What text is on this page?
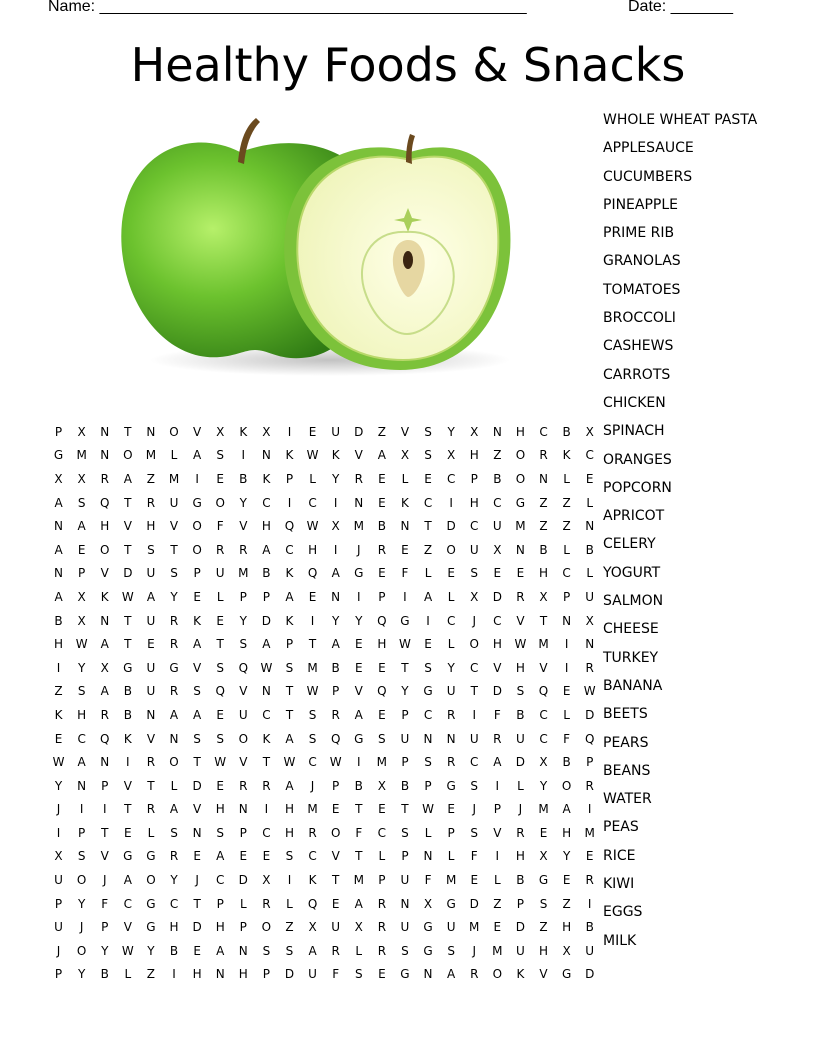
Name: ________________________________________________	Date: _______
Healthy Foods & Snacks
P	X	N	T	N	O	V	X	K	X	I	E	U	D	Z	V	S	Y	X	N	H	C	B	X
G	M	N	O	M	L	A	S	I	N	K	W	K	V	A	X	S	X	H	Z	O	R	K	C
X	X	R	A	Z	M	I	E	B	K	P	L	Y	R	E	L	E	C	P	B	O	N	L	E
A	S	Q	T	R	U	G	O	Y	C	I	C	I	N	E	K	C	I	H	C	G	Z	Z	L
N	A	H	V	H	V	O	F	V	H	Q	W	X	M	B	N	T	D	C	U	M	Z	Z	N
A	E	O	T	S	T	O	R	R	A	C	H	I	J	R	E	Z	O	U	X	N	B	L	B
N	P	V	D	U	S	P	U	M	B	K	Q	A	G	E	F	L	E	S	E	E	H	C	L
A	X	K	W	A	Y	E	L	P	P	A	E	N	I	P	I	A	L	X	D	R	X	P	U
B	X	N	T	U	R	K	E	Y	D	K	I	Y	Y	Q	G	I	C	J	C	V	T	N	X
H	W	A	T	E	R	A	T	S	A	P	T	A	E	H	W	E	L	O	H	W M	I	N
I	Y	X	G	U	G	V	S	Q	W	S	M	B	E	E	T	S	Y	C	V	H	V	I	R
Z	S	A	B	U	R	S	Q	V	N	T	W	P	V	Q	Y	G	U	T	D	S	Q	E	W
K	H	R	B	N	A	A	E	U	C	T	S	R	A	E	P	C	R	I	F	B	C	L	D
E	C	Q	K	V	N	S	S	O	K	A	S	Q	G	S	U	N	N	U	R	U	C	F	Q
W	A	N	I	R	O	T	W	V	T	W	C	W	I	M	P	S	R	C	A	D	X	B	P
Y	N	P	V	T	L	D	E	R	R	A	J	P	B	X	B	P	G	S	I	L	Y	O	R
J	I	I	T	R	A	V	H	N	I	H	M	E	T	E	T	W	E	J	P	J	M	A	I
I	P	T	E	L	S	N	S	P	C	H	R	O	F	C	S	L	P	S	V	R	E	H	M
X	S	V	G	G	R	E	A	E	E	S	C	V	T	L	P	N	L	F	I	H	X	Y	E
U	O	J	A	O	Y	J	C	D	X	I	K	T	M	P	U	F	M	E	L	B	G	E	R
P	Y	F	C	G	C	T	P	L	R	L	Q	E	A	R	N	X	G	D	Z	P	S	Z	I
U	J	P	V	G	H	D	H	P	O	Z	X	U	X	R	U	G	U	M	E	D	Z	H	B
J	O	Y	W	Y	B	E	A	N	S	S	A	R	L	R	S	G	S	J	M	U	H	X	U
P	Y	B	L	Z	I	H	N	H	P	D	U	F	S	E	G	N	A	R	O	K	V	G	D
WHOLE WHEAT PASTA
APPLESAUCE
CUCUMBERS
PINEAPPLE
PRIME RIB
GRANOLAS
TOMATOES
BROCCOLI
CASHEWS
CARROTS
CHICKEN
SPINACH
ORANGES
POPCORN
APRICOT
CELERY
YOGURT
SALMON
CHEESE
TURKEY
BANANA
BEETS
PEARS
BEANS
WATER
PEAS
RICE
KIWI
EGGS
MILK
